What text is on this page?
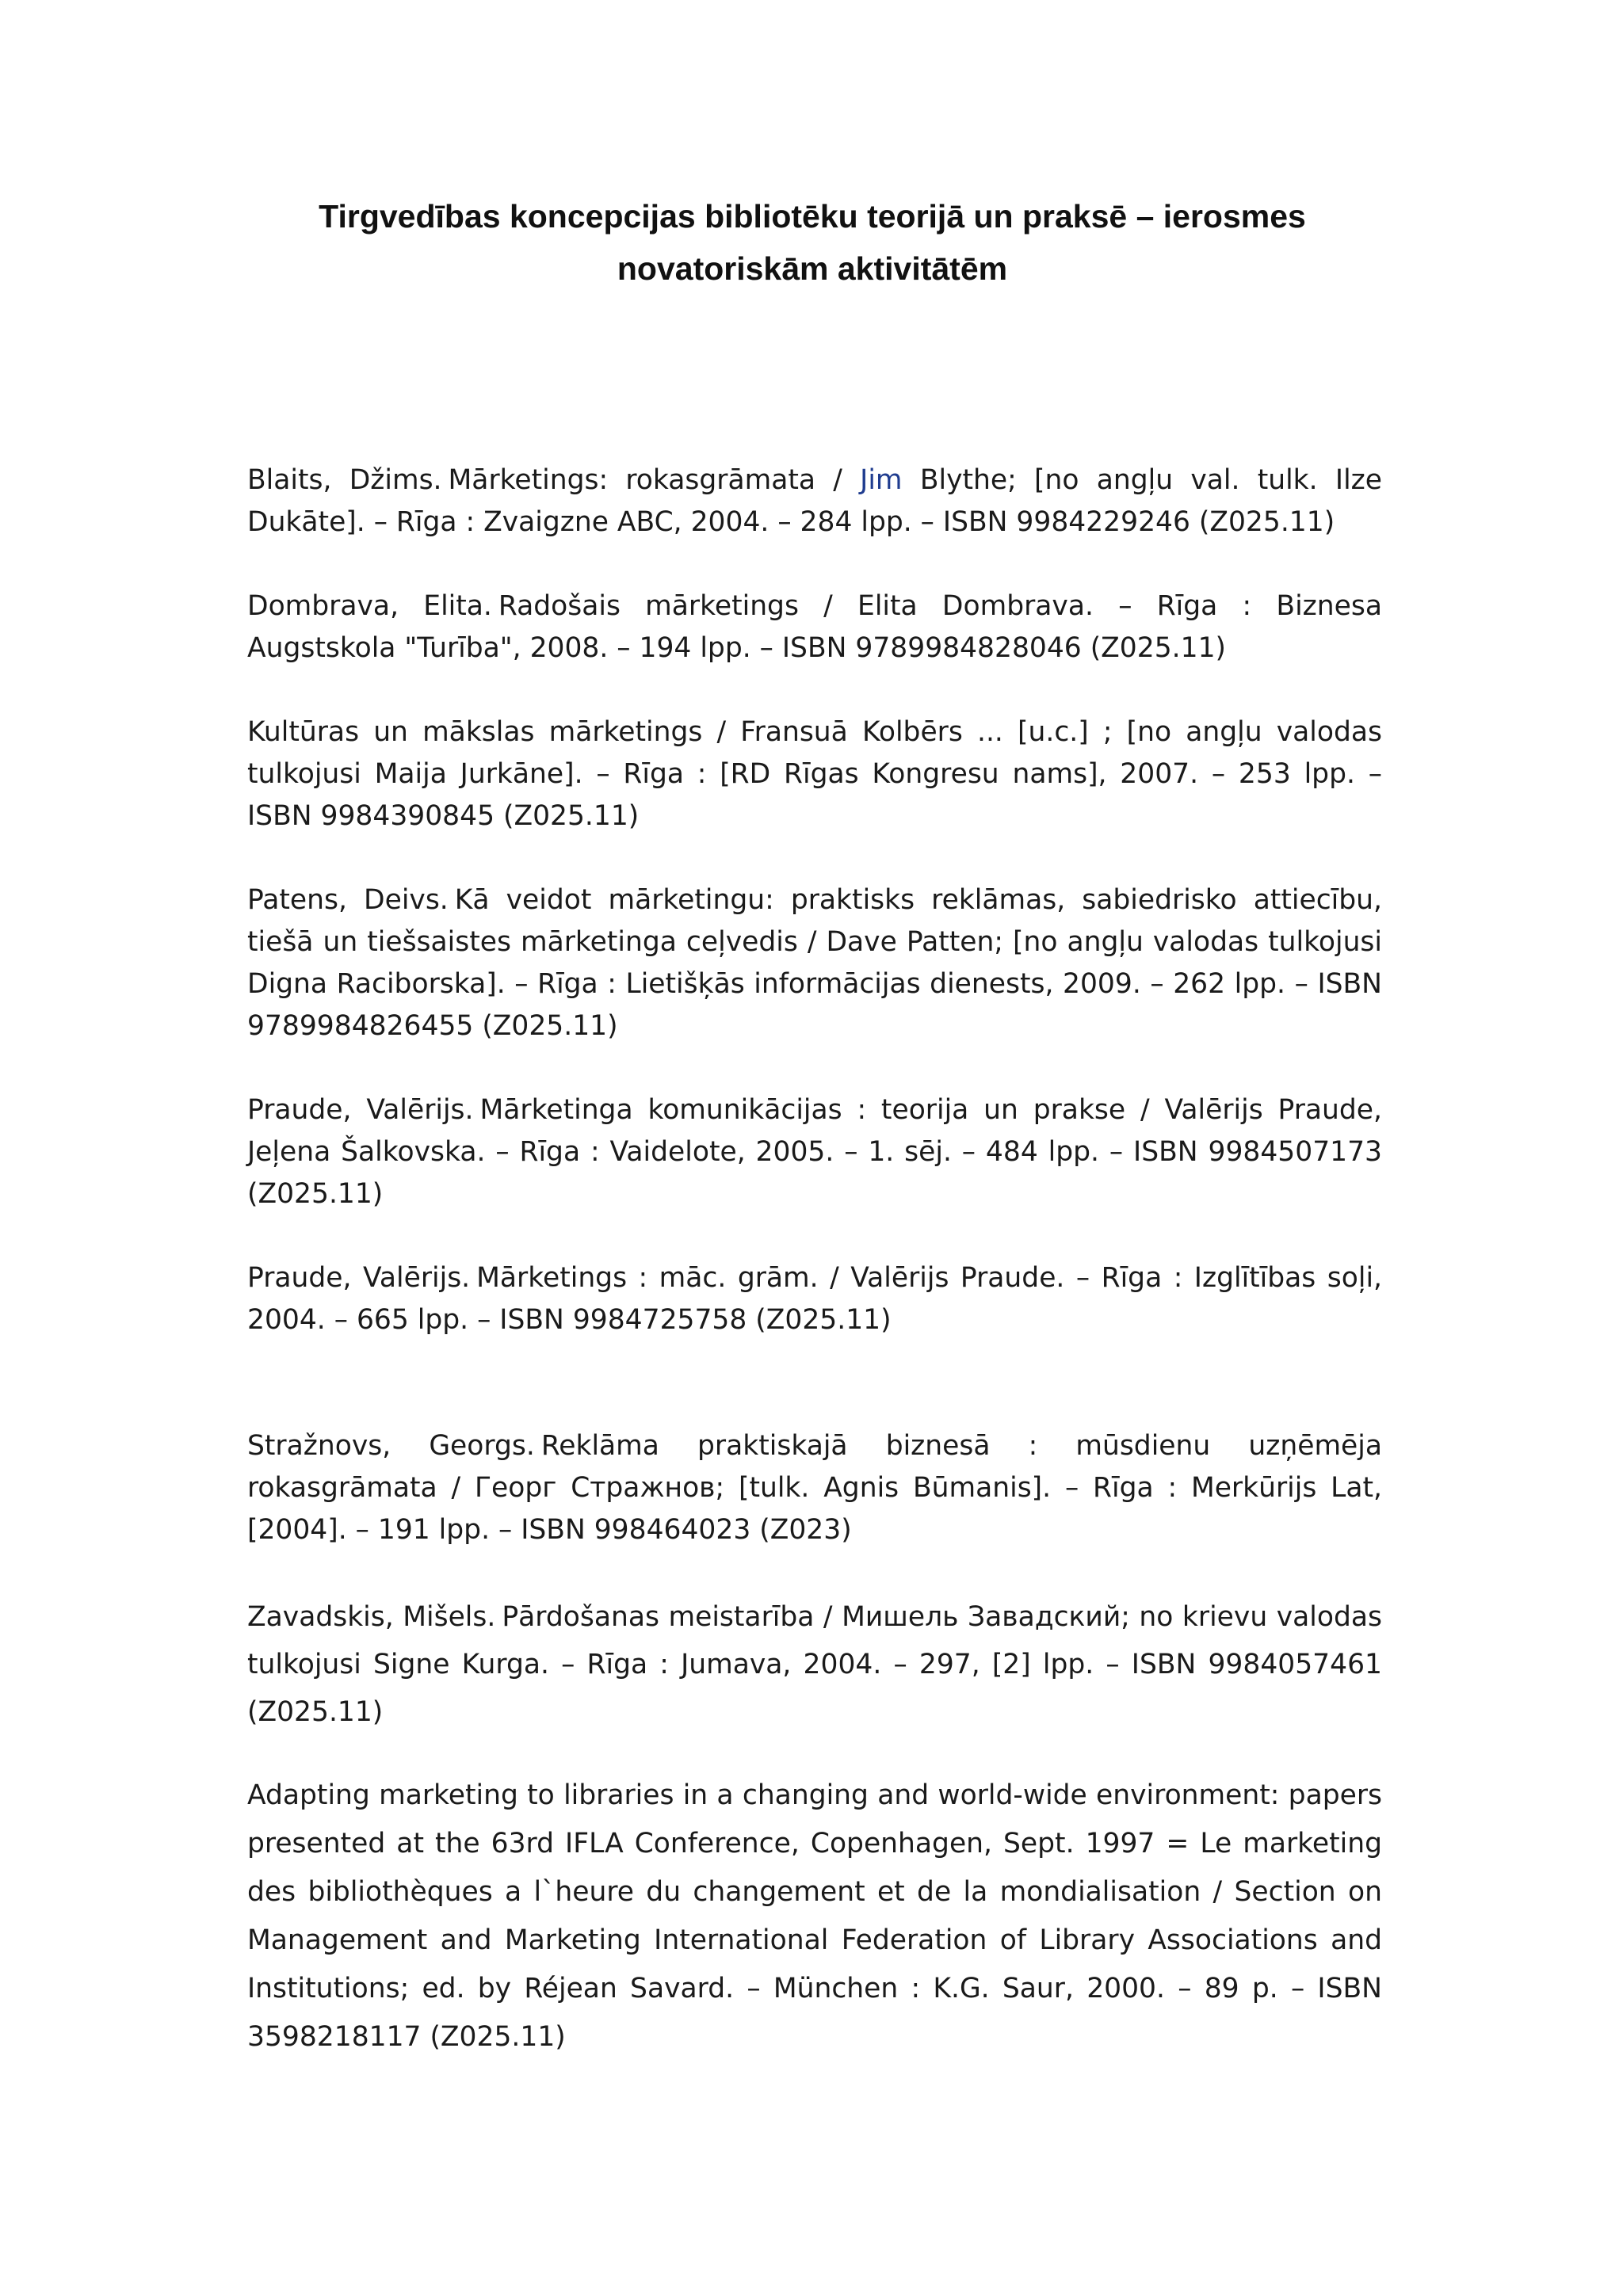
Tirgvedības koncepcijas bibliotēku teorijā un praksē – ierosmes novatoriskām aktivitātēm
Blaits, Džims. Mārketings: rokasgrāmata / Jim Blythe; [no angļu val. tulk. Ilze Dukāte]. – Rīga : Zvaigzne ABC, 2004. – 284 lpp. – ISBN 9984229246 (Z025.11)
Dombrava, Elita. Radošais mārketings / Elita Dombrava. – Rīga : Biznesa Augstskola "Turība", 2008. – 194 lpp. – ISBN 9789984828046 (Z025.11)
Kultūras un mākslas mārketings / Fransuā Kolbērs ... [u.c.] ; [no angļu valodas tulkojusi Maija Jurkāne]. – Rīga : [RD Rīgas Kongresu nams], 2007. – 253 lpp. – ISBN 9984390845 (Z025.11)
Patens, Deivs. Kā veidot mārketingu: praktisks reklāmas, sabiedrisko attiecību, tiešā un tiešsaistes mārketinga ceļvedis / Dave Patten; [no angļu valodas tulkojusi Digna Raciborska]. – Rīga : Lietišķās informācijas dienests, 2009. – 262 lpp. – ISBN 9789984826455 (Z025.11)
Praude, Valērijs. Mārketinga komunikācijas : teorija un prakse / Valērijs Praude, Jeļena Šalkovska. – Rīga : Vaidelote, 2005. – 1. sēj. – 484 lpp. – ISBN 9984507173 (Z025.11)
Praude, Valērijs. Mārketings : māc. grām. / Valērijs Praude. – Rīga : Izglītības soļi, 2004. – 665 lpp. – ISBN 9984725758 (Z025.11)
Stražnovs, Georgs. Reklāma praktiskajā biznesā : mūsdienu uzņēmēja rokasgrāmata / Георг Стражнов; [tulk. Agnis Būmanis]. – Rīga : Merkūrijs Lat, [2004]. – 191 lpp. – ISBN 998464023 (Z023)
Zavadskis, Mišels. Pārdošanas meistarība / Мишель Завадский; no krievu valodas tulkojusi Signe Kurga. – Rīga : Jumava, 2004. – 297, [2] lpp. – ISBN 9984057461 (Z025.11)
Adapting marketing to libraries in a changing and world-wide environment: papers presented at the 63rd IFLA Conference, Copenhagen, Sept. 1997 = Le marketing des bibliothèques a l`heure du changement et de la mondialisation / Section on Management and Marketing International Federation of Library Associations and Institutions; ed. by Réjean Savard. – München : K.G. Saur, 2000. – 89 p. – ISBN 3598218117 (Z025.11)
